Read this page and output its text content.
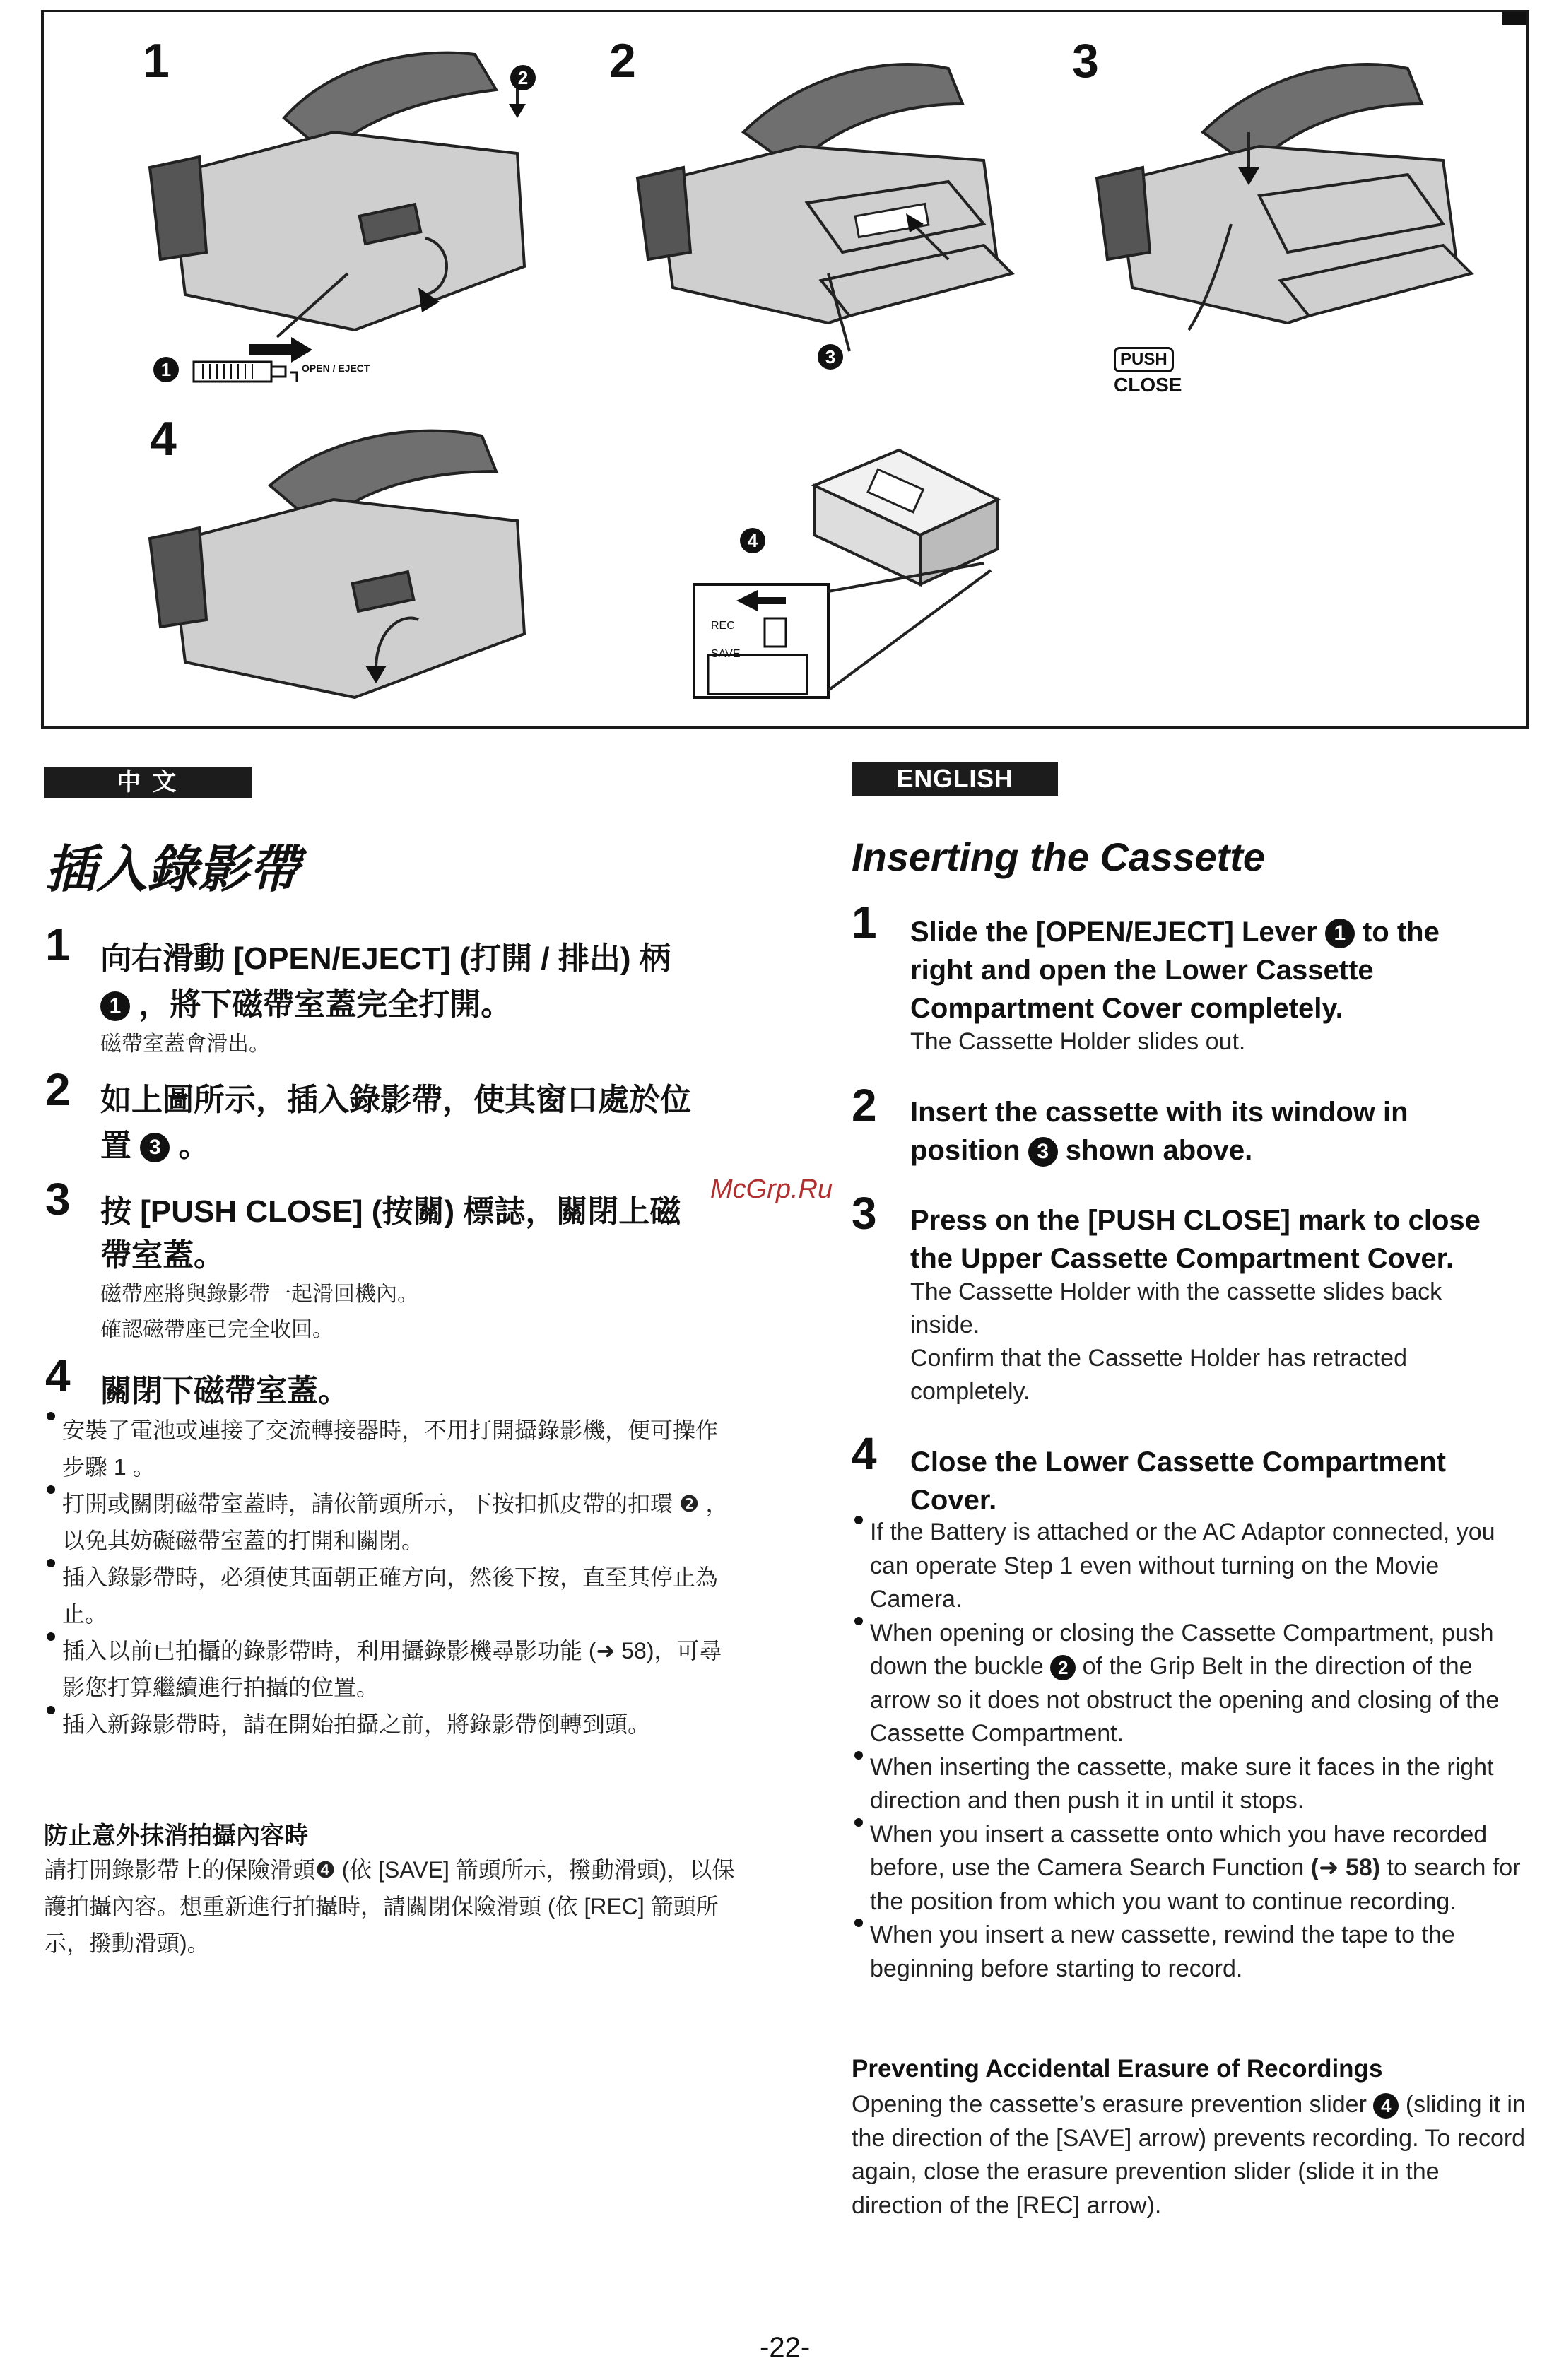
1	2	3
4
2
1	OPEN / EJECT
3	PUSH
CLOSE
4
REC
SAVE
中 文
插入錄影帶
1 向右滑動 [OPEN/EJECT] (打開 / 排出) 柄
1 ，將下磁帶室蓋完全打開。
磁帶室蓋會滑出。
2 如上圖所示，插入錄影帶，使其窗口處於位
置 3 。
3 按 [PUSH CLOSE] (按關) 標誌，關閉上磁
帶室蓋。
磁帶座將與錄影帶一起滑回機內。
確認磁帶座已完全收回。
4 關閉下磁帶室蓋。
安裝了電池或連接了交流轉接器時，不用打開攝錄影機，便可操作步驟 1 。
打開或關閉磁帶室蓋時，請依箭頭所示，下按扣抓皮帶的扣環 ❷ ，以免其妨礙磁帶室蓋的打開和關閉。
插入錄影帶時，必須使其面朝正確方向，然後下按，直至其停止為止。
插入以前已拍攝的錄影帶時，利用攝錄影機尋影功能 (➜ 58)，可尋影您打算繼續進行拍攝的位置。
插入新錄影帶時，請在開始拍攝之前，將錄影帶倒轉到頭。
防止意外抹消拍攝內容時
請打開錄影帶上的保險滑頭❹ (依 [SAVE] 箭頭所示，撥動滑頭)，以保護拍攝內容。想重新進行拍攝時，請關閉保險滑頭 (依 [REC] 箭頭所示，撥動滑頭)。
ENGLISH
Inserting the Cassette
1 Slide the [OPEN/EJECT] Lever 1 to the
right and open the Lower Cassette
Compartment Cover completely.
The Cassette Holder slides out.
2 Insert the cassette with its window in
position 3 shown above.
3 Press on the [PUSH CLOSE] mark to close
the Upper Cassette Compartment Cover.
The Cassette Holder with the cassette slides back
inside.
Confirm that the Cassette Holder has retracted
completely.
4 Close the Lower Cassette Compartment
Cover.
If the Battery is attached or the AC Adaptor connected, you can operate Step 1 even without turning on the Movie Camera.
When opening or closing the Cassette Compartment, push down the buckle 2 of the Grip Belt in the direction of the arrow so it does not obstruct the opening and closing of the Cassette Compartment.
When inserting the cassette, make sure it faces in the right direction and then push it in until it stops.
When you insert a cassette onto which you have recorded before, use the Camera Search Function (➜ 58) to search for the position from which you want to continue recording.
When you insert a new cassette, rewind the tape to the beginning before starting to record.
Preventing Accidental Erasure of Recordings
Opening the cassette’s erasure prevention slider 4 (sliding it in the direction of the [SAVE] arrow) prevents recording. To record again, close the erasure prevention slider (slide it in the direction of the [REC] arrow).
McGrp.Ru
-22-
